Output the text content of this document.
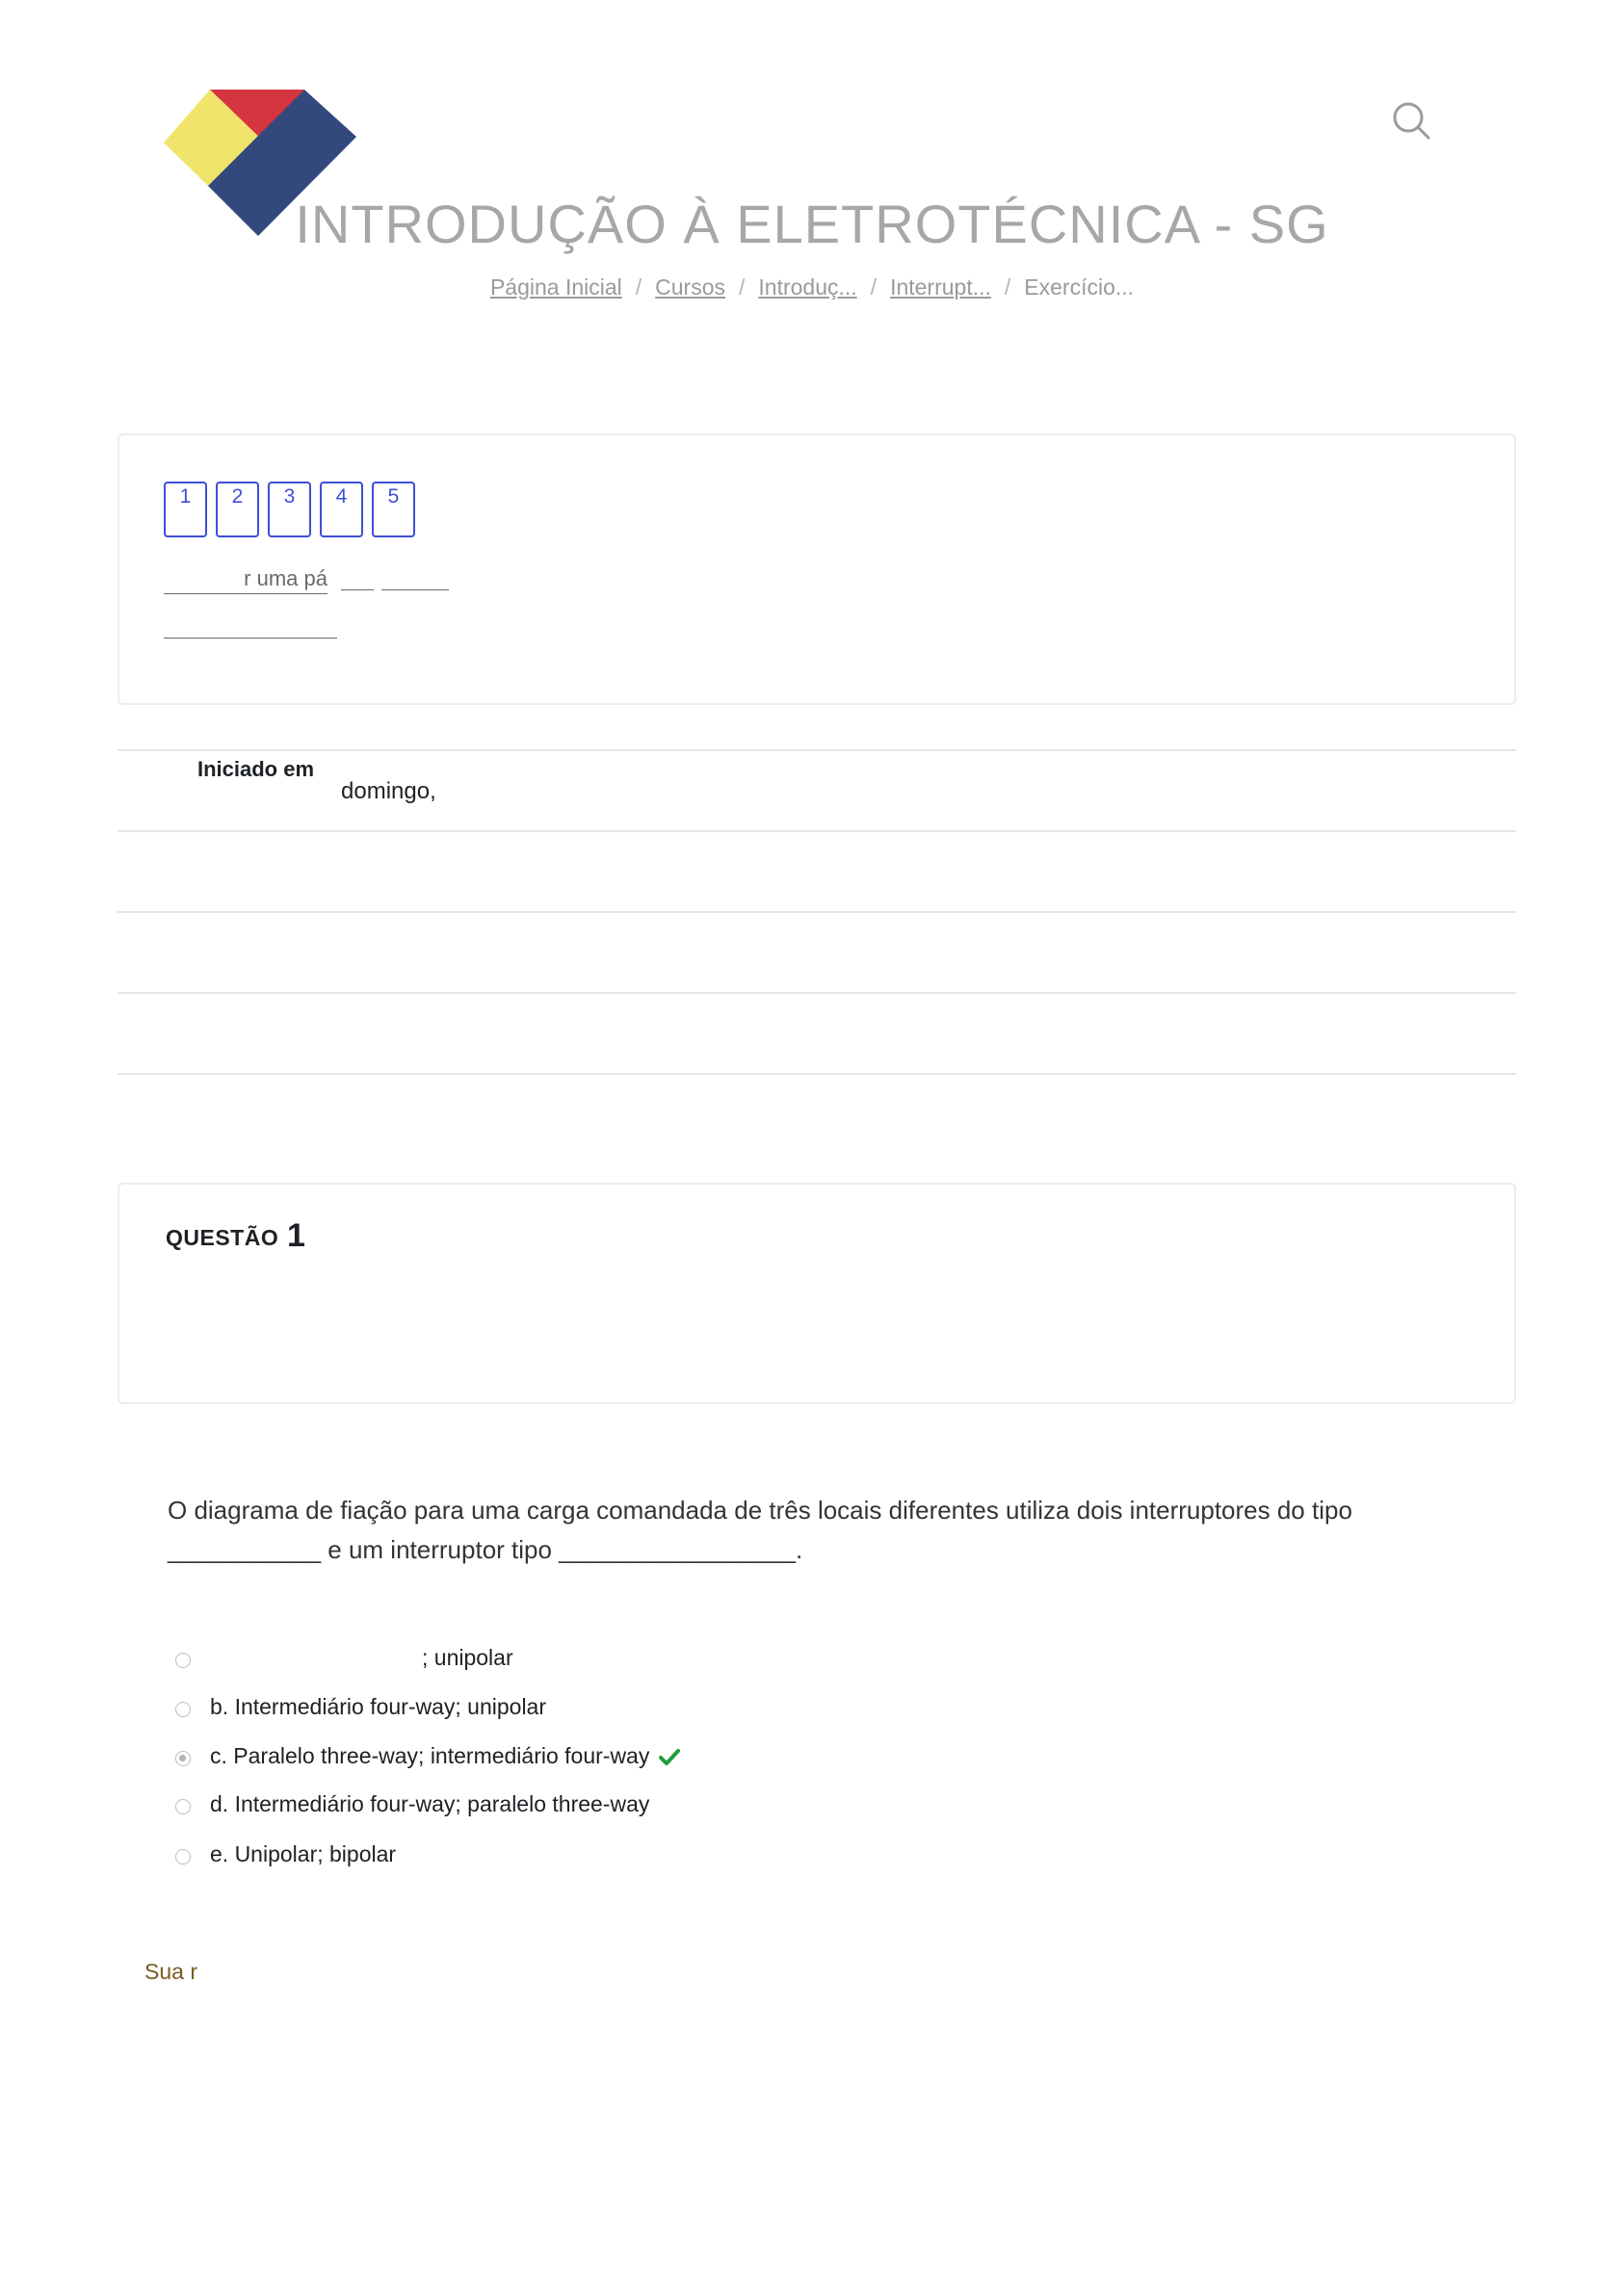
INTRODUÇÃO À ELETROTÉCNICA - SG
Página Inicial / Cursos / Introduç... / Interrupt... / Exercício...
1	2	3	4	5
r uma pá
Iniciado em
domingo,
QUESTÃO 1
O diagrama de fiação para uma carga comandada de três locais diferentes utiliza dois interruptores do tipo
___________ e um interruptor tipo _________________.
; unipolar
b. Intermediário four-way; unipolar
c. Paralelo three-way; intermediário four-way
d. Intermediário four-way; paralelo three-way
e. Unipolar; bipolar
Sua r
